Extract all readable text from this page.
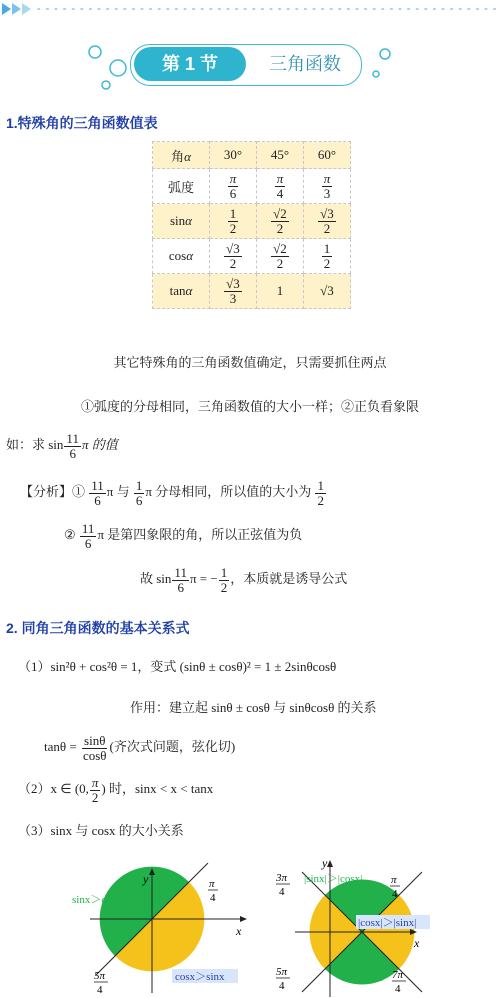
第 1 节	三角函数
1.特殊角的三角函数值表
角α	30°	45°	60°
弧度	$\frac{\pi}{6}$	$\frac{\pi}{4}$	$\frac{\pi}{3}$

sinα	$\frac{1}{2}$	$\frac{√2}{2}$	$\frac{√3}{2}$

cosα	$\frac{√3}{2}$	$\frac{√2}{2}$	$\frac{1}{2}$

tanα	$\frac{√3}{3}$	1	√3
其它特殊角的三角函数值确定，只需要抓住两点
①弧度的分母相同，三角函数值的大小一样；②正负看象限
如：求 $\sin \frac{11}{6}$ π 的值
【分析】① $\frac{11}{6}$ π 与 $\frac{1}{6}$ π 分母相同，所以值的大小为 $\frac{1}{2}$
② $\frac{11}{6}$ π 是第四象限的角，所以正弦值为负
故 $\sin \frac{11}{6}$ π = − $\frac{1}{2}$ ，本质就是诱导公式
2. 同角三角函数的基本关系式
（1）sin²θ + cos²θ = 1，变式 (sinθ ± cosθ)² = 1 ± 2sinθcosθ
作用：建立起 sinθ ± cosθ 与 sinθcosθ 的关系
$\tan\theta = \frac{\sin\theta}{\cos\theta}$ (齐次式问题，弦化切)
（2）x ∈ (0, $\frac{\pi}{2}$ ) 时，sinx < x < tanx
（3）sinx 与 cosx 的大小关系
y
x
π
4
5π
4
sinx＞cosx
cosx＞sinx
y
x
3π
4
π
4
5π
4
7π
4
|sinx|＞|cosx|
|cosx|＞|sinx|
